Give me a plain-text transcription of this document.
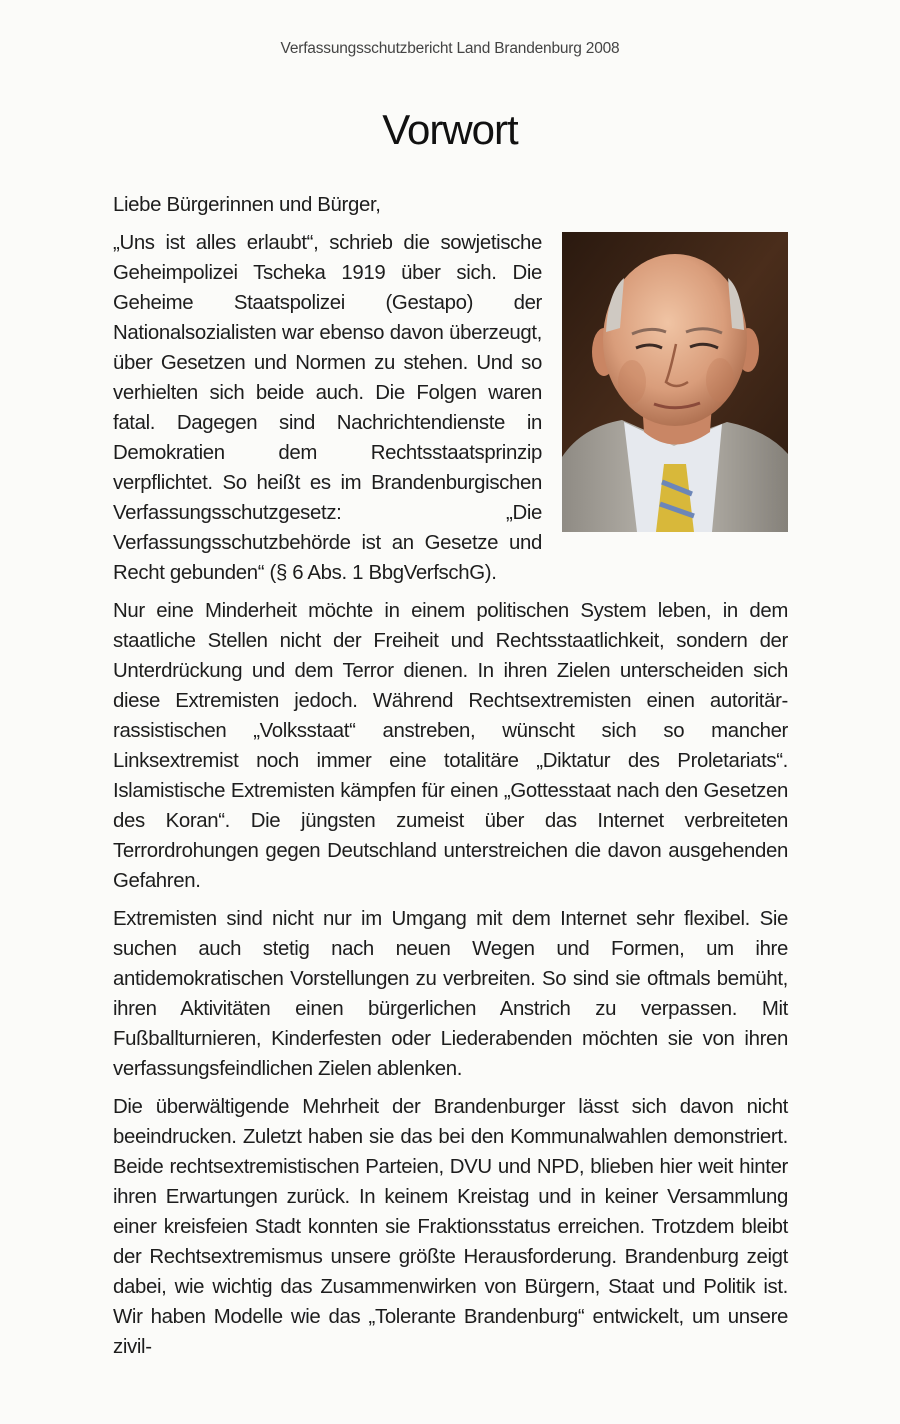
Verfassungsschutzbericht Land Brandenburg 2008
Vorwort

Liebe Bürgerinnen und Bürger,

„Uns ist alles erlaubt“, schrieb die sowjetische Geheimpolizei Tscheka 1919 über sich. Die Geheime Staatspolizei (Gestapo) der Nationalsozialisten war ebenso davon überzeugt, über Gesetzen und Normen zu stehen. Und so verhielten sich beide auch. Die Folgen waren fatal. Dagegen sind Nachrichtendienste in Demokratien dem Rechtsstaatsprinzip verpflichtet. So heißt es im Brandenburgischen Verfassungsschutzgesetz: „Die Verfassungsschutzbehörde ist an Gesetze und Recht gebunden“ (§ 6 Abs. 1 BbgVerfschG).

Nur eine Minderheit möchte in einem politischen System leben, in dem staatliche Stellen nicht der Freiheit und Rechtsstaatlichkeit, sondern der Unterdrückung und dem Terror dienen. In ihren Zielen unterscheiden sich diese Extremisten jedoch. Während Rechtsextremisten einen autoritär-rassistischen „Volksstaat“ anstreben, wünscht sich so mancher Linksextremist noch immer eine totalitäre „Diktatur des Proletariats“. Islamistische Extremisten kämpfen für einen „Gottesstaat nach den Gesetzen des Koran“. Die jüngsten zumeist über das Internet verbreiteten Terrordrohungen gegen Deutschland unterstreichen die davon ausgehenden Gefahren.

Extremisten sind nicht nur im Umgang mit dem Internet sehr flexibel. Sie suchen auch stetig nach neuen Wegen und Formen, um ihre antidemokratischen Vorstellungen zu verbreiten. So sind sie oftmals bemüht, ihren Aktivitäten einen bürgerlichen Anstrich zu verpassen. Mit Fußballturnieren, Kinderfesten oder Liederabenden möchten sie von ihren verfassungsfeindlichen Zielen ablenken.

Die überwältigende Mehrheit der Brandenburger lässt sich davon nicht beeindrucken. Zuletzt haben sie das bei den Kommunalwahlen demonstriert. Beide rechtsextremistischen Parteien, DVU und NPD, blieben hier weit hinter ihren Erwartungen zurück. In keinem Kreistag und in keiner Versammlung einer kreisfeien Stadt konnten sie Fraktionsstatus erreichen. Trotzdem bleibt der Rechtsextremismus unsere größte Herausforderung. Brandenburg zeigt dabei, wie wichtig das Zusammenwirken von Bürgern, Staat und Politik ist. Wir haben Modelle wie das „Tolerante Brandenburg“ entwickelt, um unsere zivil-
